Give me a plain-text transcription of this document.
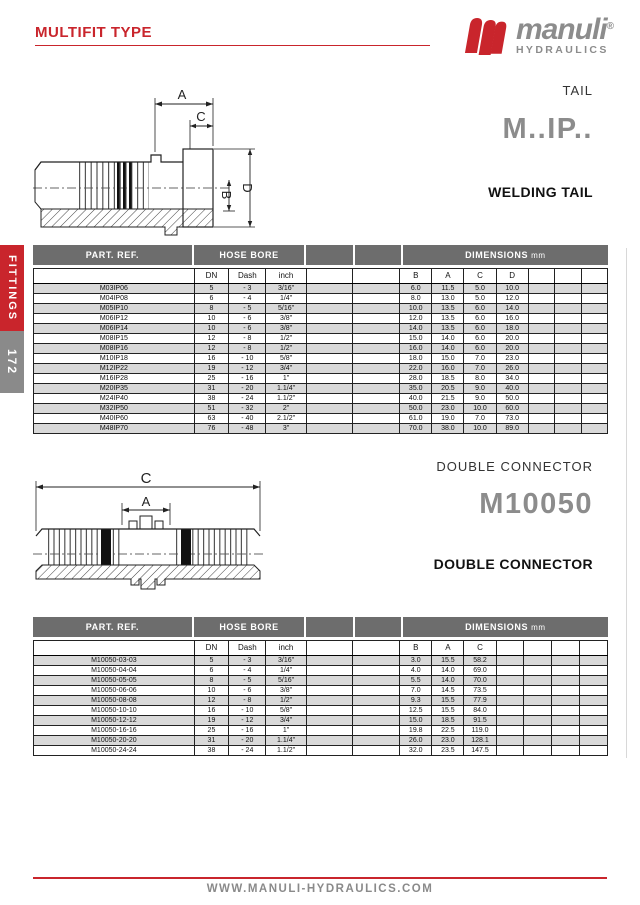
MULTIFIT TYPE	manuli®
HYDRAULICS
FITTINGS
172
TAIL
M..IP..
WELDING TAIL
A
C
B
D
PART. REF.	HOSE BORE	DIMENSIONS mm
	DN	Dash	inch			B	A	C	D			
M03IP06	5	- 3	3/16"			6.0	11.5	5.0	10.0			
M04IP08	6	- 4	1/4"			8.0	13.0	5.0	12.0			
M05IP10	8	- 5	5/16"			10.0	13.5	6.0	14.0			
M06IP12	10	- 6	3/8"			12.0	13.5	6.0	16.0			
M06IP14	10	- 6	3/8"			14.0	13.5	6.0	18.0			
M08IP15	12	- 8	1/2"			15.0	14.0	6.0	20.0			
M08IP16	12	- 8	1/2"			16.0	14.0	6.0	20.0			
M10IP18	16	- 10	5/8"			18.0	15.0	7.0	23.0			
M12IP22	19	- 12	3/4"			22.0	16.0	7.0	26.0			
M16IP28	25	- 16	1"			28.0	18.5	8.0	34.0			
M20IP35	31	- 20	1.1/4"			35.0	20.5	9.0	40.0			
M24IP40	38	- 24	1.1/2"			40.0	21.5	9.0	50.0			
M32IP50	51	- 32	2"			50.0	23.0	10.0	60.0			
M40IP60	63	- 40	2.1/2"			61.0	19.0	7.0	73.0			
M48IP70	76	- 48	3"			70.0	38.0	10.0	89.0			
DOUBLE CONNECTOR
M10050
DOUBLE CONNECTOR
C
A
PART. REF.	HOSE BORE	DIMENSIONS mm
	DN	Dash	inch			B	A	C				
M10050-03-03	5	- 3	3/16"			3.0	15.5	58.2				
M10050-04-04	6	- 4	1/4"			4.0	14.0	69.0				
M10050-05-05	8	- 5	5/16"			5.5	14.0	70.0				
M10050-06-06	10	- 6	3/8"			7.0	14.5	73.5				
M10050-08-08	12	- 8	1/2"			9.3	15.5	77.9				
M10050-10-10	16	- 10	5/8"			12.5	15.5	84.0				
M10050-12-12	19	- 12	3/4"			15.0	18.5	91.5				
M10050-16-16	25	- 16	1"			19.8	22.5	119.0				
M10050-20-20	31	- 20	1.1/4"			26.0	23.0	128.1				
M10050-24-24	38	- 24	1.1/2"			32.0	23.5	147.5				
WWW.MANULI-HYDRAULICS.COM
